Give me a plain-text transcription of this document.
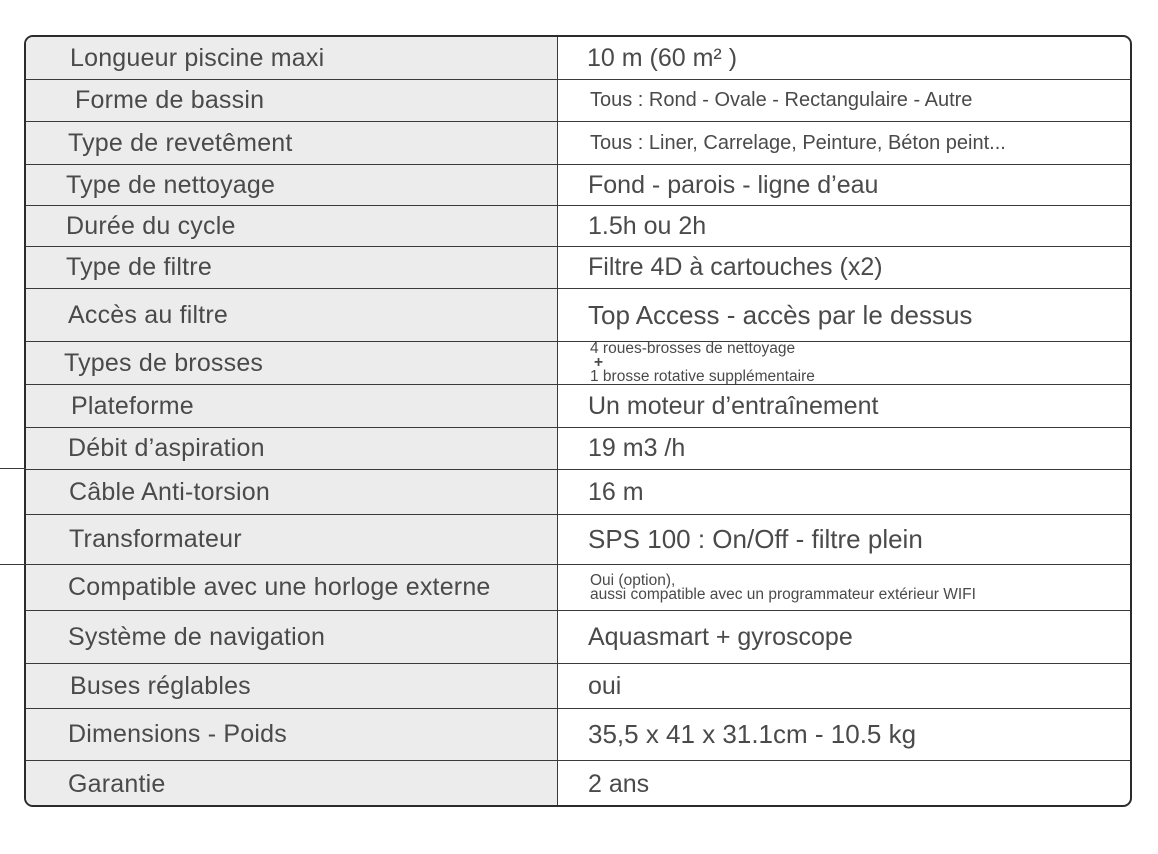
Longueur piscine maxi	10 m (60 m² )
Forme de bassin	Tous : Rond - Ovale - Rectangulaire - Autre
Type de revetêment	Tous : Liner, Carrelage, Peinture, Béton peint...
Type de nettoyage	Fond - parois - ligne d’eau
Durée du cycle	1.5h ou 2h
Type de filtre	Filtre 4D à cartouches (x2)
Accès au filtre	Top Access - accès par le dessus
Types de brosses	4 roues-brosses de nettoyage
+
1 brosse rotative supplémentaire
Plateforme	Un moteur d’entraînement
Débit d’aspiration	19 m3 /h
Câble Anti-torsion	16 m
Transformateur	SPS 100 : On/Off - filtre plein
Compatible avec une horloge externe	Oui (option),
aussi compatible avec un programmateur extérieur WIFI
Système de navigation	Aquasmart + gyroscope
Buses réglables	oui
Dimensions - Poids	35,5 x 41 x 31.1cm - 10.5 kg
Garantie	2 ans
